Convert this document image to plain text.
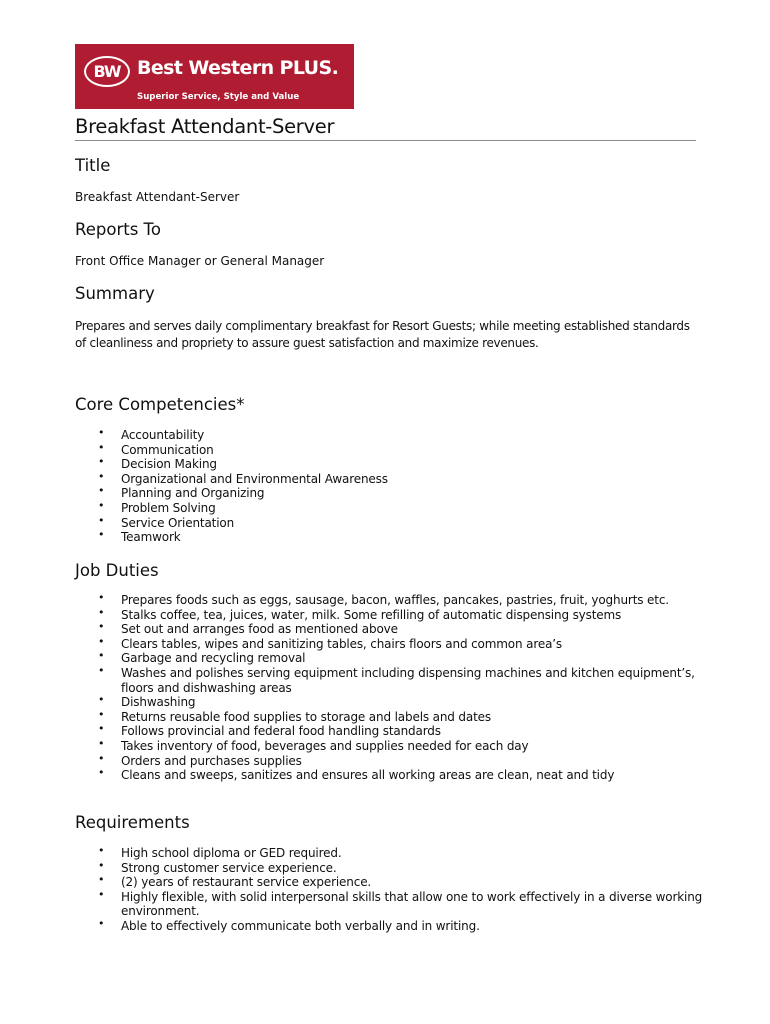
BW Best Western PLUS.
Superior Service, Style and Value
Breakfast Attendant-Server
Title

Breakfast Attendant-Server

Reports To

Front Office Manager or General Manager

Summary

Prepares and serves daily complimentary breakfast for Resort Guests; while meeting established standards of cleanliness and propriety to assure guest satisfaction and maximize revenues.

Core Competencies*
• Accountability
• Communication
• Decision Making
• Organizational and Environmental Awareness
• Planning and Organizing
• Problem Solving
• Service Orientation
• Teamwork
Job Duties
• Prepares foods such as eggs, sausage, bacon, waffles, pancakes, pastries, fruit, yoghurts etc.
• Stalks coffee, tea, juices, water, milk. Some refilling of automatic dispensing systems
• Set out and arranges food as mentioned above
• Clears tables, wipes and sanitizing tables, chairs floors and common area’s
• Garbage and recycling removal
• Washes and polishes serving equipment including dispensing machines and kitchen equipment’s, floors and dishwashing areas
• Dishwashing
• Returns reusable food supplies to storage and labels and dates
• Follows provincial and federal food handling standards
• Takes inventory of food, beverages and supplies needed for each day
• Orders and purchases supplies
• Cleans and sweeps, sanitizes and ensures all working areas are clean, neat and tidy
Requirements
• High school diploma or GED required.
• Strong customer service experience.
• (2) years of restaurant service experience.
• Highly flexible, with solid interpersonal skills that allow one to work effectively in a diverse working environment.
• Able to effectively communicate both verbally and in writing.
